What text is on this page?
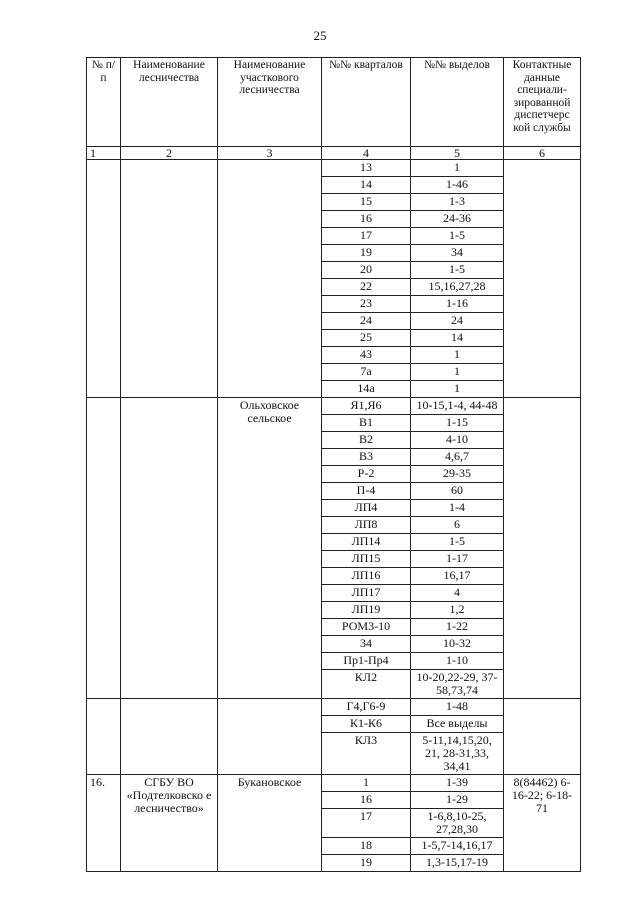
25
№ п/п	Наименование лесничества	Наименование участкового лесничества	№№ кварталов	№№ выделов	Контактные данные специали-зированной диспетчерс кой службы
1	2	3	4	5	6
			13	1	
			14	1-46	
			15	1-3	
			16	24-36	
			17	1-5	
			19	34	
			20	1-5	
			22	15,16,27,28	
			23	1-16	
			24	24	
			25	14	
			43	1	
			7а	1	
			14а	1	
		Ольховское сельское	Я1,Я6	10-15,1-4, 44-48	
			В1	1-15	
			В2	4-10	
			В3	4,6,7	
			Р-2	29-35	
			П-4	60	
			ЛП4	1-4	
			ЛП8	6	
			ЛП14	1-5	
			ЛП15	1-17	
			ЛП16	16,17	
			ЛП17	4	
			ЛП19	1,2	
			РОМ3-10	1-22	
			34	10-32	
			Пр1-Пр4	1-10	
			КЛ2	10-20,22-29, 37-58,73,74	
			Г4,Г6-9	1-48	
			К1-К6	Все выделы	
			КЛ3	5-11,14,15,20, 21, 28-31,33, 34,41	
16.	СГБУ ВО «Подтелковско е лесничество»	Букановское	1	1-39	8(84462) 6-16-22; 6-18-71
			16	1-29	
			17	1-6,8,10-25, 27,28,30	
			18	1-5,7-14,16,17	
			19	1,3-15,17-19	
